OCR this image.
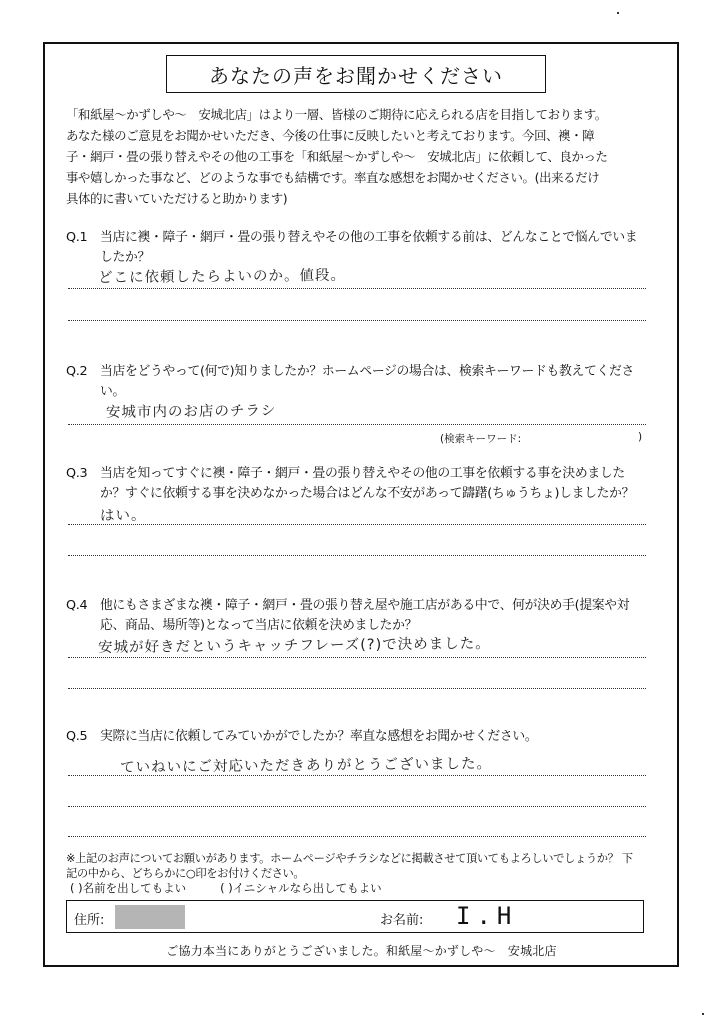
あなたの声をお聞かせください

「和紙屋～かずしや～　安城北店」はより一層、皆様のご期待に応えられる店を目指しております。
あなた様のご意見をお聞かせいただき、今後の仕事に反映したいと考えております。今回、襖・障
子・網戸・畳の張り替えやその他の工事を「和紙屋～かずしや～　安城北店」に依頼して、良かった
事や嬉しかった事など、どのような事でも結構です。率直な感想をお聞かせください。(出来るだけ
具体的に書いていただけると助かります)

Q.1 当店に襖・障子・網戸・畳の張り替えやその他の工事を依頼する前は、どんなことで悩んでいま
したか？
どこに依頼したらよいのか。値段。
Q.2 当店をどうやって(何で)知りましたか？ホームページの場合は、検索キーワードも教えてくださ
い。
安城市内のお店のチラシ
(検索キーワード:	)
Q.3 当店を知ってすぐに襖・障子・網戸・畳の張り替えやその他の工事を依頼する事を決めました
か？すぐに依頼する事を決めなかった場合はどんな不安があって躊躇(ちゅうちょ)しましたか？
はい。
Q.4 他にもさまざまな襖・障子・網戸・畳の張り替え屋や施工店がある中で、何が決め手(提案や対
応、商品、場所等)となって当店に依頼を決めましたか？
安城が好きだというキャッチフレーズ(?)で決めました。
Q.5 実際に当店に依頼してみていかがでしたか？率直な感想をお聞かせください。
ていねいにご対応いただきありがとうございました。

※上記のお声についてお願いがあります。ホームページやチラシなどに掲載させて頂いてもよろしいでしょうか？ 下
記の中から、どちらかに○印をお付けください。

( )名前を出してもよい	( )イニシャルなら出してもよい
住所:	お名前: I.H
ご協力本当にありがとうございました。和紙屋～かずしや～　安城北店
